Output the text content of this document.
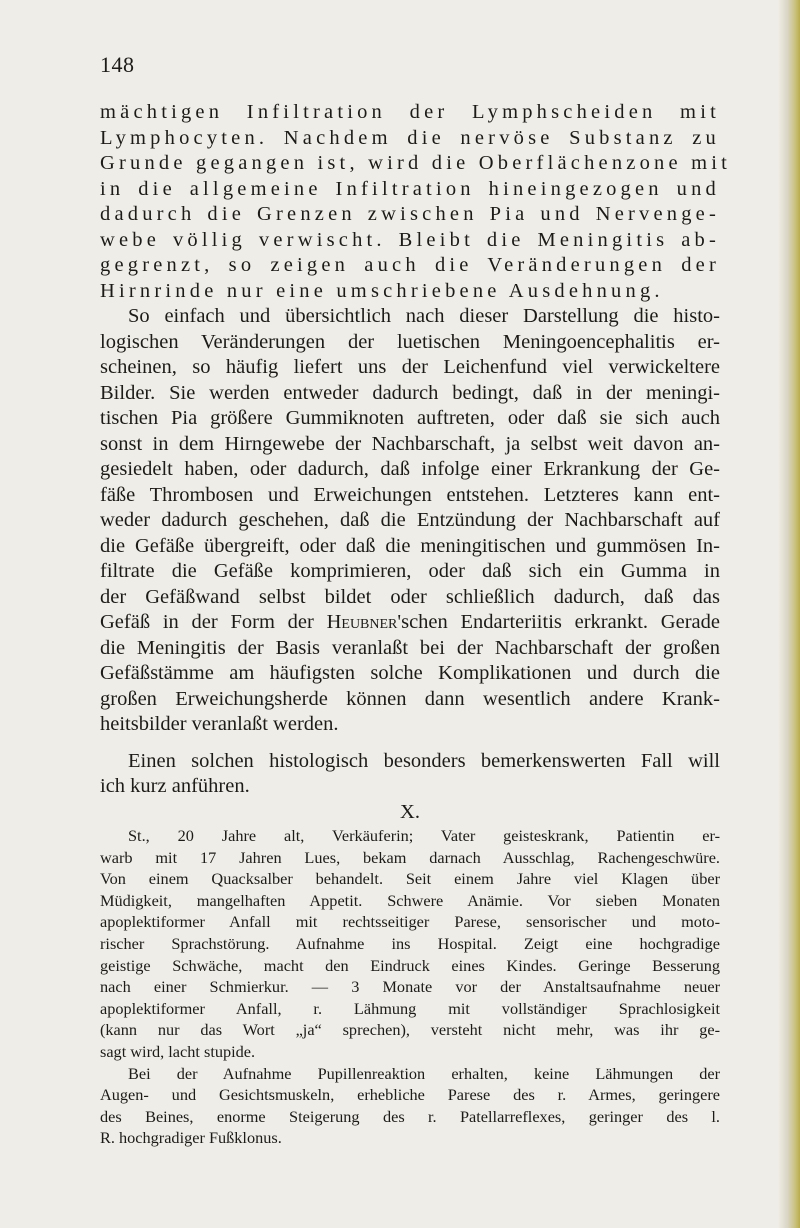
148
mächtigen Infiltration der Lymphscheiden mit
Lymphocyten. Nachdem die nervöse Substanz zu
Grunde gegangen ist, wird die Oberflächenzone mit
in die allgemeine Infiltration hineingezogen und
dadurch die Grenzen zwischen Pia und Nervenge-
webe völlig verwischt. Bleibt die Meningitis ab-
gegrenzt, so zeigen auch die Veränderungen der
Hirnrinde nur eine umschriebene Ausdehnung.
So einfach und übersichtlich nach dieser Darstellung die histo-
logischen Veränderungen der luetischen Meningoencephalitis er-
scheinen, so häufig liefert uns der Leichenfund viel verwickeltere
Bilder. Sie werden entweder dadurch bedingt, daß in der meningi-
tischen Pia größere Gummiknoten auftreten, oder daß sie sich auch
sonst in dem Hirngewebe der Nachbarschaft, ja selbst weit davon an-
gesiedelt haben, oder dadurch, daß infolge einer Erkrankung der Ge-
fäße Thrombosen und Erweichungen entstehen. Letzteres kann ent-
weder dadurch geschehen, daß die Entzündung der Nachbarschaft auf
die Gefäße übergreift, oder daß die meningitischen und gummösen In-
filtrate die Gefäße komprimieren, oder daß sich ein Gumma in
der Gefäßwand selbst bildet oder schließlich dadurch, daß das
Gefäß in der Form der Heubner'schen Endarteriitis erkrankt. Gerade
die Meningitis der Basis veranlaßt bei der Nachbarschaft der großen
Gefäßstämme am häufigsten solche Komplikationen und durch die
großen Erweichungsherde können dann wesentlich andere Krank-
heitsbilder veranlaßt werden.
Einen solchen histologisch besonders bemerkenswerten Fall will
ich kurz anführen.
X.
St., 20 Jahre alt, Verkäuferin; Vater geisteskrank, Patientin er-
warb mit 17 Jahren Lues, bekam darnach Ausschlag, Rachengeschwüre.
Von einem Quacksalber behandelt. Seit einem Jahre viel Klagen über
Müdigkeit, mangelhaften Appetit. Schwere Anämie. Vor sieben Monaten
apoplektiformer Anfall mit rechtsseitiger Parese, sensorischer und moto-
rischer Sprachstörung. Aufnahme ins Hospital. Zeigt eine hochgradige
geistige Schwäche, macht den Eindruck eines Kindes. Geringe Besserung
nach einer Schmierkur. — 3 Monate vor der Anstaltsaufnahme neuer
apoplektiformer Anfall, r. Lähmung mit vollständiger Sprachlosigkeit
(kann nur das Wort „ja“ sprechen), versteht nicht mehr, was ihr ge-
sagt wird, lacht stupide.
Bei der Aufnahme Pupillenreaktion erhalten, keine Lähmungen der
Augen- und Gesichtsmuskeln, erhebliche Parese des r. Armes, geringere
des Beines, enorme Steigerung des r. Patellarreflexes, geringer des l.
R. hochgradiger Fußklonus.
